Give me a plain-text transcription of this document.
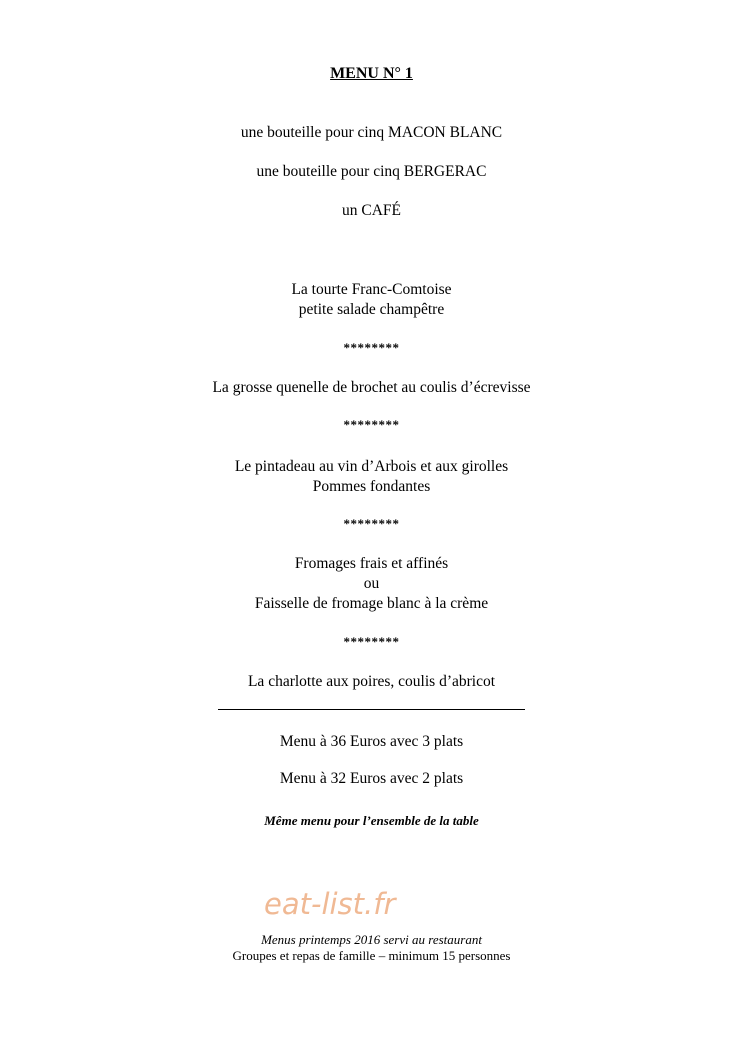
MENU N° 1
une bouteille pour cinq MACON BLANC
une bouteille pour cinq BERGERAC
un CAFÉ
La tourte Franc-Comtoise
petite salade champêtre
********
La grosse quenelle de brochet au coulis d’écrevisse
********
Le pintadeau au vin d’Arbois et aux girolles
Pommes fondantes
********
Fromages frais et affinés
ou
Faisselle de fromage blanc à la crème
********
La charlotte aux poires, coulis d’abricot
Menu à 36 Euros avec 3 plats
Menu à 32 Euros avec 2 plats
Même menu pour l’ensemble de la table
eat-list.fr
Menus printemps 2016 servi au restaurant
Groupes et repas de famille – minimum 15 personnes
